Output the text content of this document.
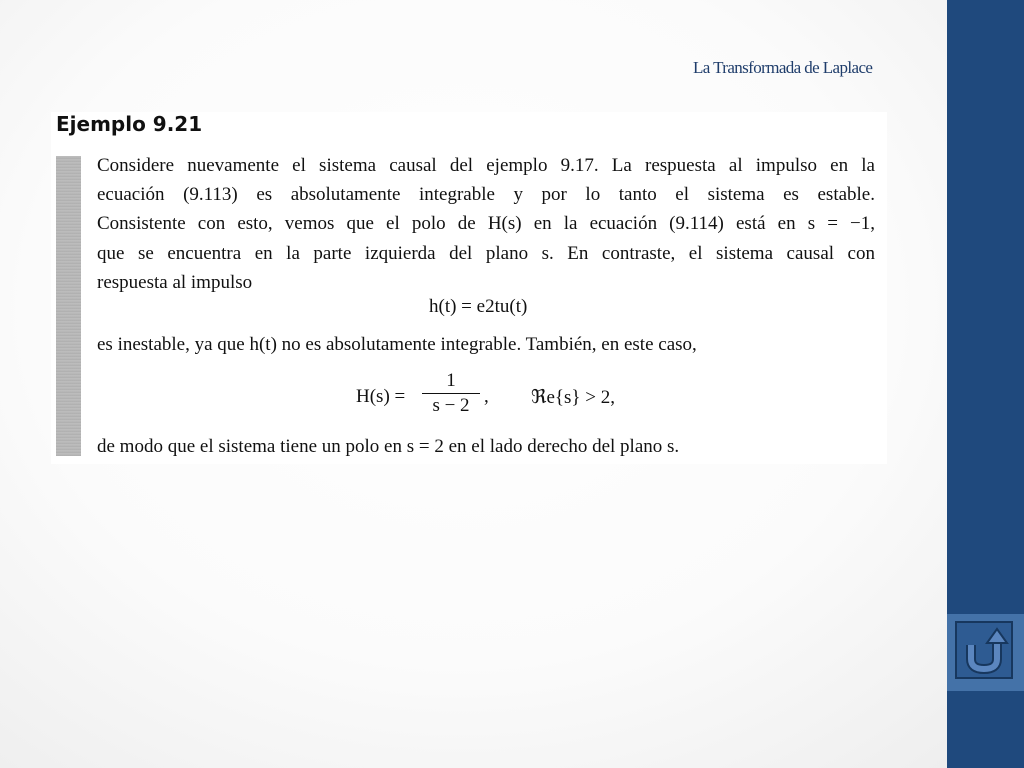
La Transformada de Laplace
Ejemplo 9.21
Considere nuevamente el sistema causal del ejemplo 9.17. La respuesta al impulso en la
ecuación (9.113) es absolutamente integrable y por lo tanto el sistema es estable.
Consistente con esto, vemos que el polo de H(s) en la ecuación (9.114) está en s = −1,
que se encuentra en la parte izquierda del plano s. En contraste, el sistema causal con
respuesta al impulso
h(t) = e2tu(t)
es inestable, ya que h(t) no es absolutamente integrable. También, en este caso,
H(s) =
1
s − 2 , ℜe{s} > 2,
de modo que el sistema tiene un polo en s = 2 en el lado derecho del plano s.
